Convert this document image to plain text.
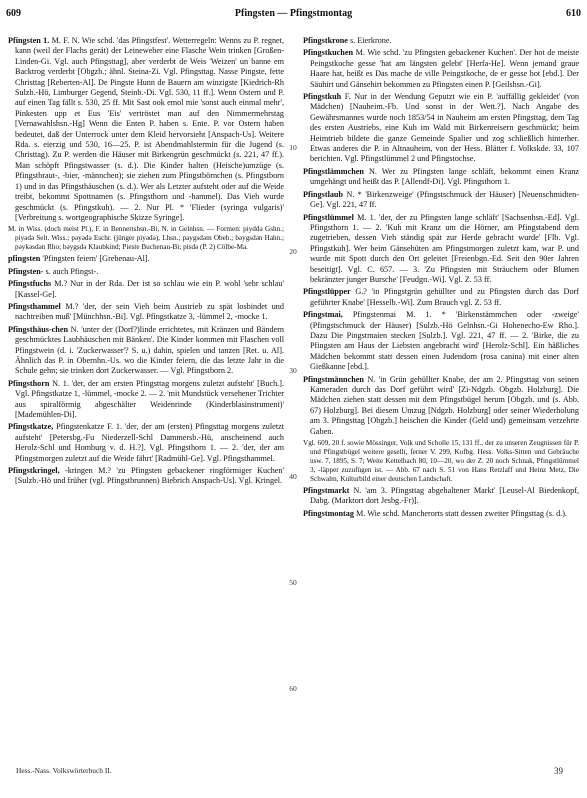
609	Pfingsten — Pfingstmontag	610

Pfingsten 1. M. F. N. Wie schd. 'das Pfingstfest'. Wetterregeln: Wenns zu P. regnet, kann (weil der Flachs gerät) der Leineweber eine Flasche Wein trinken [Großen-Linden-Gi. Vgl. auch Pfingsttag], aber verderbt de Weis 'Weizen' un banne em Backtrog verderbt [Obgzb.; ähnl. Steina-Zi. Vgl. Pfingsttag. Nasse Pingste, fette Christtag [Reberten-Al]. De Pingste Hunn de Bauern am winzigste [Kiedrich-Rh Sulzb.-Hö, Limburger Gegend, Steinb.-Di. Vgl. 530, 11 ff.]. Wenn Ostern und P. auf einen Tag fällt s. 530, 25 ff. Mit Sast ook emol mie 'sonst auch einmal mehr', Pinkesten upp et Eus 'Eis' vertröstet man auf den Nimmermehrstag [Vernawahlshsn.-Hg] Wenn die Enten P. haben s. Ente. P. vor Ostern haben bedeutet, daß der Unterrock unter dem Kleid hervorsieht [Anspach-Us]. Weitere Rda. s. eierzig und 530, 16—25. P. ist Abendmahlstermin für die Jugend (s. Christtag). Zu P. werden die Häuser mit Birkengrün geschmückt (s. 221, 47 ff.). Man schöpft Pfingstwasser (s. d.). Die Kinder halten (Heische)umzüge (s. Pfingstbraut-, -bier, -männchen); sie ziehen zum Pfingstbörnchen (s. Pfingstborn 1) und in das Pfingsthäuschen (s. d.). Wer als Letzter aufsteht oder auf die Weide treibt, bekommt Spottnamen (s. Pfingsthorn und -hammel). Das Vieh wurde geschmückt (s. Pfingstkuh). — 2. Nur Pl. * 'Flieder (syringa vulgaris)' [Verbreitung s. wortgeographische Skizze Syringe].

M. in Wiss. (doch meist Pl.), F. in Bennertshsn.-Bi, N. in Gelnhsn. — Formen: piyddə Gshn.; piyədə Selt. Wiss.; pəyədə Eschr. (jünger piyədə), Lhsn.; paygsdəm Obeb.; bəygsdən Hahn.; pəykəsdən Rho; bəygsdə Klaubkind; Pieste Buchenau-Bi; pisdə (P. 2) Cölbe-Ma.

pfingsten 'Pfingsten feiern' [Grebenau-Al].

Pfingsten- s. auch Pfingst-.

Pfingstfuchs M.? Nur in der Rda. Der ist so schlau wie ein P. wohl 'sehr schlau' [Kassel-Ge].

Pfingsthammel M.? 'der, der sein Vieh beim Austrieb zu spät losbindet und nachtreiben muß' [Münchhsn.-Bi]. Vgl. Pfingstkatze 3, -lümmel 2, -mocke 1.

Pfingsthäus-chen N. 'unter der (Dorf?)linde errichtetes, mit Kränzen und Bändern geschmücktes Laubhäuschen mit Bänken'. Die Kinder kommen mit Flaschen voll Pfingstwein (d. i. 'Zuckerwasser'? S. u.) dahin, spielen und tanzen [Ret. u. Al]. Ähnlich das P. in Obernhn.-Us. wo die Kinder feiern, die das letzte Jahr in die Schule gehn; sie trinken dort Zuckerwasser. — Vgl. Pfingstborn 2.

Pfingsthorn N. 1. 'der, der am ersten Pfingsttag morgens zuletzt aufsteht' [Buch.]. Vgl. Pfingstkatze 1, -lümmel, -mocke 2. — 2. 'mit Mundstück versehener Trichter aus spiralförmig abgeschälter Weidenrinde (Kinderblasinstrument)' [Mademühlen-Di].

Pfingstkatze, Pfingstenkatze F. 1. 'der, der am (ersten) Pfingsttag morgens zuletzt aufsteht' [Petersbg.-Fu Niederzell-Schl Dammersb.-Hü, anscheinend auch Herolz-Schl und Homburg v. d. H.?]. Vgl. Pfingsthorn 1. — 2. 'der, der am Pfingstmorgen zuletzt auf die Weide fährt' [Radmühl-Ge]. Vgl. Pfingsthammel.

Pfingstkringel, -kringen M.? 'zu Pfingsten gebackener ringförmiger Kuchen' [Sulzb.-Hö und früher (vgl. Pfingstbrunnen) Biebrich Anspach-Us]. Vgl. Kringel.

10
20
30
40
50
60

Pfingstkrone s. Eierkrone.

Pfingstkuchen M. Wie schd. 'zu Pfingsten gebackener Kuchen'. Der hot de meiste Peingstkoche gesse 'hat am längsten gelebt' [Herfa-He]. Wenn jemand graue Haare hat, heißt es Das mache de ville Peingstkoche, de er gesse hot [ebd.]. Der Säuhirt und Gänsehirt bekommen zu Pfingsten einen P. [Geilshsn.-Gi].

Pfingstkuh F. Nur in der Wendung Geputzt wie ein P. 'auffällig gekleidet' (von Mädchen) [Nauheim.-Fb. Und sonst in der Wett.?]. Nach Angabe des Gewährsmannes wurde noch 1853/54 in Nauheim am ersten Pfingsttag, dem Tag des ersten Austriebs, eine Kuh im Wald mit Birkenreisern geschmückt; beim Heimtrieb bildete die ganze Gemeinde Spalier und zog schließlich hinterher. Etwas anderes die P. in Altnauheim, von der Hess. Blätter f. Volkskde. 33, 107 berichten. Vgl. Pfingstlümmel 2 und Pfingstochse.

Pfingstlämmchen N. Wer zu Pfingsten lange schläft, bekommt einen Kranz umgehängt und heißt das P. [Allendf-Di]. Vgl. Pfingsthorn 1.

Pfingstlaub N. * 'Birkenzweige' (Pfingstschmuck der Häuser) [Neuenschmidten-Ge]. Vgl. 221, 47 ff.

Pfingstlümmel M. 1. 'der, der zu Pfingsten lange schläft' [Sachsenhsn.-Ed]. Vgl. Pfingsthorn 1. — 2. 'Kuh mit Kranz um die Hörner, am Pfingstabend dem zugetrieben, dessen Vieh ständig spät zur Herde gebracht wurde' [Flb. Vgl. Pfingstkuh]. Wer beim Gänsehüten am Pfingstmorgen zuletzt kam, war P. und wurde mit Spott durch den Ort geleitet [Freienbgn.-Ed. Seit den 90er Jahren beseitigt]. Vgl. C. 657. — 3. 'Zu Pfingsten mit Sträuchern oder Blumen bekränzter junger Bursche' [Feudgn.-Wi]. Vgl. Z. 53 ff.

Pfingstlüpper G.? 'in Pfingstgrün gehüllter und zu Pfingsten durch das Dorf geführter Knabe' [Hesselb.-Wi]. Zum Brauch vgl. Z. 53 ff.

Pfingstmai, Pfingstenmai M. 1. * 'Birkenstämmchen oder -zweige' (Pfingstschmuck der Häuser) [Sulzb.-Hö Gelnhsn.-Gi Hohenecho-Ew Rho.]. Dazu Die Pingstmaien stecken [Sulzb.]. Vgl. 221, 47 ff. — 2. 'Birke, die zu Pfingsten am Haus der Liebsten angebracht wird' [Herolz-Schl]. Ein häßliches Mädchen bekommt statt dessen einen Judendorn (rosa canina) mit einer alten Gießkanne [ebd.].

Pfingstmännchen N. 'in Grün gehüllter Knabe, der am 2. Pfingsttag von seinen Kameraden durch das Dorf geführt wird' [Zi-Ndgzb. Obgzb. Holzburg]. Die Mädchen ziehen statt dessen mit dem Pfingstbügel herum [Obgzb. und (s. Abb. 67) Holzburg]. Bei diesem Umzug [Ndgzb. Holzburg] oder seiner Wiederholung am 3. Pfingsttag [Obgzb.] heischen die Kinder (Geld und) gemeinsam verzehrte Gaben.

Vgl. 609, 20 f. sowie Mössinger, Volk und Scholle 15, 131 ff., der zu unseren Zeugnissen für P. und Pfingstbügel weitere gesellt, ferner V. 299, Kofbg. Hess. Volks-Sitten und Gebräuche usw. 7, 1895, S. 7; Weite Kettelbach 80, 10—20, wo der Z. 20 noch Schnak, Pfingstlümmel 3, -läpper zuzufügen ist. — Abb. 67 nach S. 51 von Hans Retzlaff und Heinz Metz, Die Schwalm, Kulturbild einer deutschen Landschaft.

Pfingstmarkt N. 'am 3. Pfingsttag abgehaltener Markt' [Leusel-Al Biedenkopf, Dabg. (Marktort dort Jesbg.-Fr)].

Pfingstmontag M. Wie schd. Mancherorts statt dessen zweiter Pfingsttag (s. d.).

Hess.-Nass. Volkswörterbuch II.	39
